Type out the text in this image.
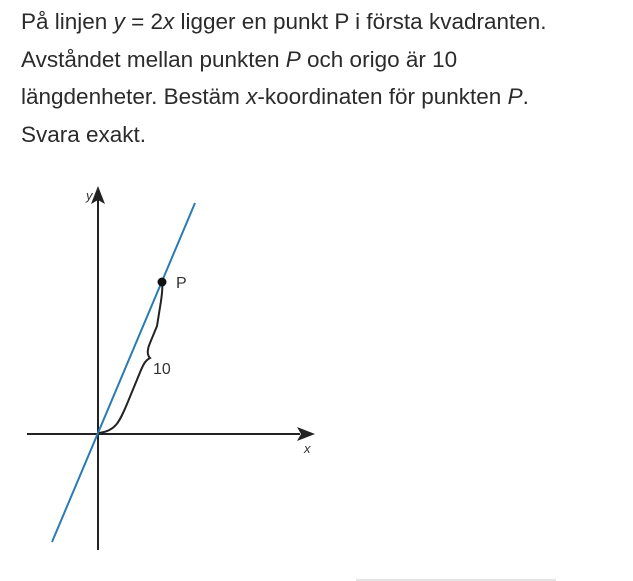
På linjen y = 2x ligger en punkt P i första kvadranten.
Avståndet mellan punkten P och origo är 10
längdenheter. Bestäm x-koordinaten för punkten P.
Svara exakt.
y
x
P
10
